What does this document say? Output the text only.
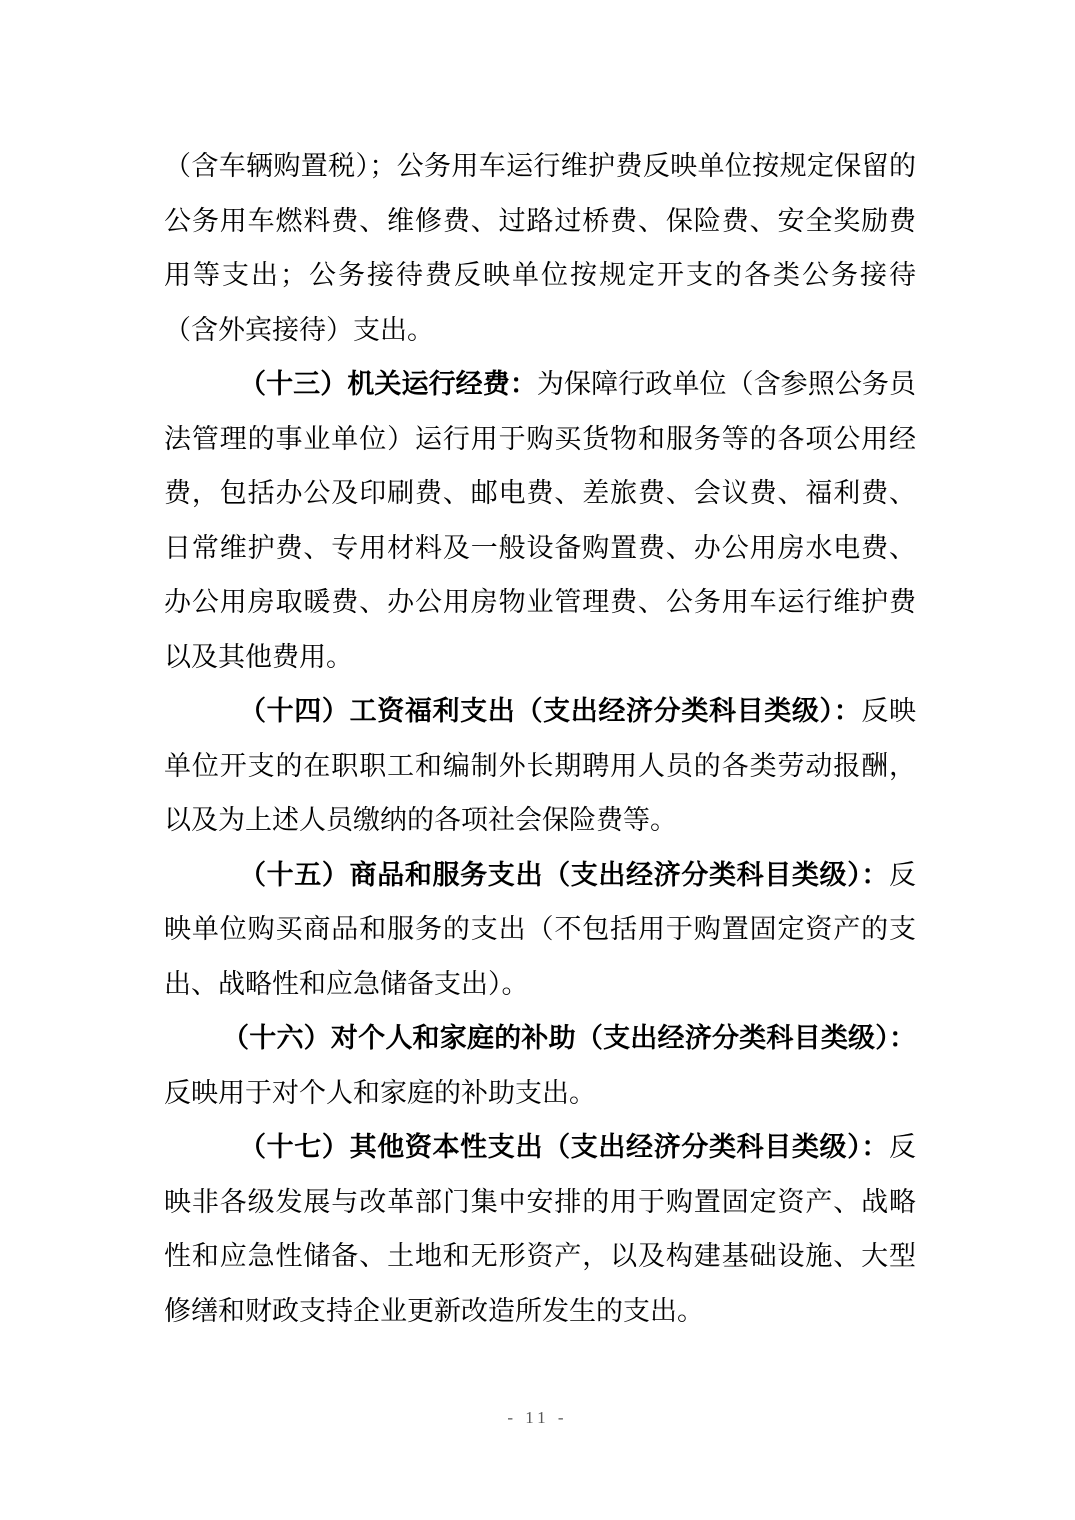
（含车辆购置税）；公务用车运行维护费反映单位按规定保留的公务用车燃料费、维修费、过路过桥费、保险费、安全奖励费用等支出；公务接待费反映单位按规定开支的各类公务接待（含外宾接待）支出。

（十三）机关运行经费：为保障行政单位（含参照公务员法管理的事业单位）运行用于购买货物和服务等的各项公用经费，包括办公及印刷费、邮电费、差旅费、会议费、福利费、日常维护费、专用材料及一般设备购置费、办公用房水电费、办公用房取暖费、办公用房物业管理费、公务用车运行维护费以及其他费用。

（十四）工资福利支出（支出经济分类科目类级）：反映单位开支的在职职工和编制外长期聘用人员的各类劳动报酬，以及为上述人员缴纳的各项社会保险费等。

（十五）商品和服务支出（支出经济分类科目类级）：反映单位购买商品和服务的支出（不包括用于购置固定资产的支出、战略性和应急储备支出）。

（十六）对个人和家庭的补助（支出经济分类科目类级）：反映用于对个人和家庭的补助支出。

（十七）其他资本性支出（支出经济分类科目类级）：反映非各级发展与改革部门集中安排的用于购置固定资产、战略性和应急性储备、土地和无形资产，以及构建基础设施、大型修缮和财政支持企业更新改造所发生的支出。

- 11 -
